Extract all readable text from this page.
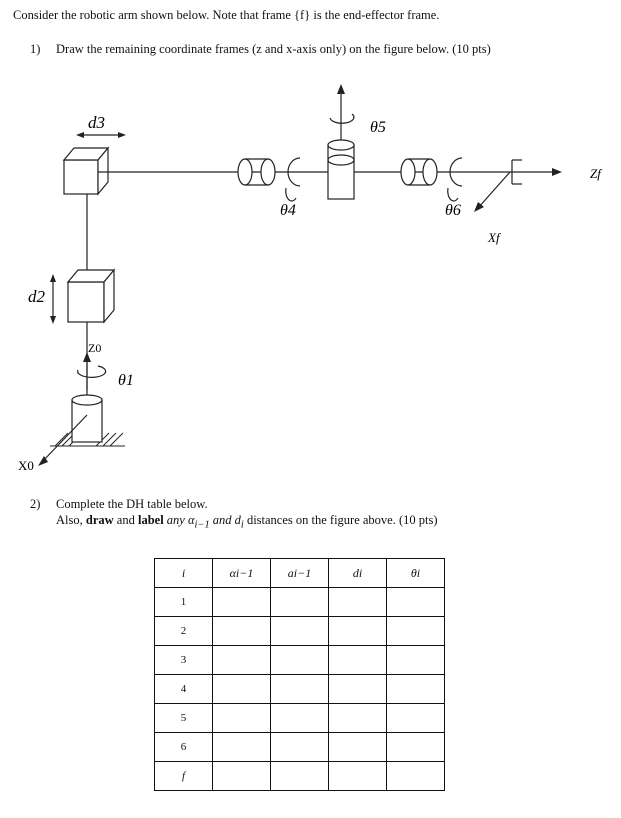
Consider the robotic arm shown below. Note that frame {f} is the end-effector frame.
1) Draw the remaining coordinate frames (z and x-axis only) on the figure below. (10 pts)
X0
Z0
θ1
d2
d3
Zf
θ4
θ5
θ6
Xf
2) Complete the DH table below.
Also, draw and label any $\alpha_{i-1}$ and $d_i$ distances on the figure above. (10 pts)
i	αi−1	ai−1	di	θi
1				
2				
3				
4				
5				
6				
f				
